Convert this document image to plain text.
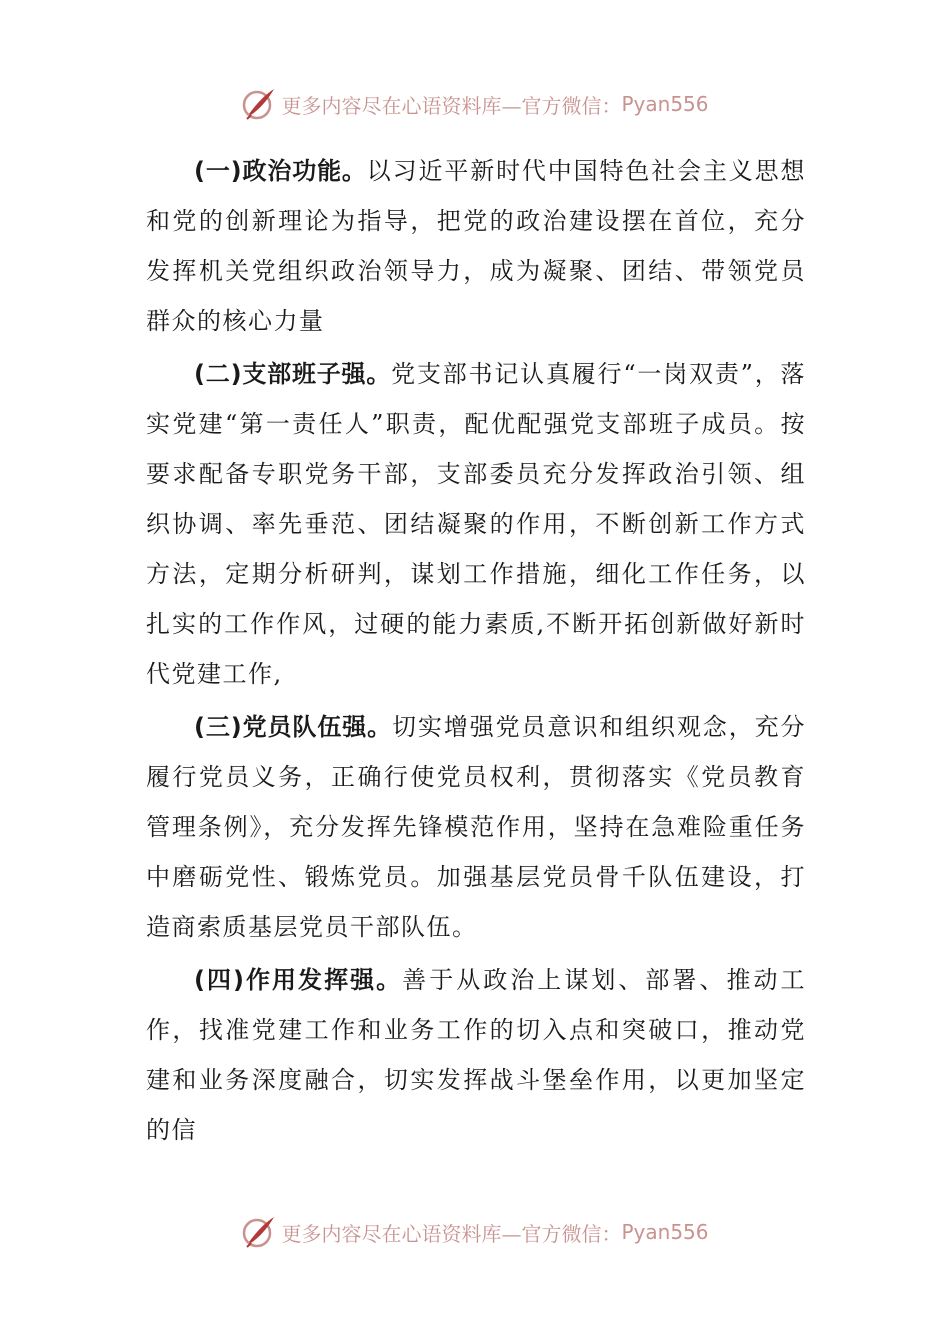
更多内容尽在心语资料库—官方微信： Pyan556

(一)政治功能。以习近平新时代中国特色社会主义思想和党的创新理论为指导，把党的政治建设摆在首位，充分发挥机关党组织政治领导力，成为凝聚、团结、带领党员群众的核心力量

(二)支部班子强。党支部书记认真履行“一岗双责”，落实党建“第一责任人”职责，配优配强党支部班子成员。按要求配备专职党务干部，支部委员充分发挥政治引领、组织协调、率先垂范、团结凝聚的作用，不断创新工作方式方法，定期分析研判，谋划工作措施，细化工作任务，以扎实的工作作风，过硬的能力素质,不断开拓创新做好新时代党建工作,

(三)党员队伍强。切实增强党员意识和组织观念，充分履行党员义务，正确行使党员权利，贯彻落实《党员教育管理条例》，充分发挥先锋模范作用，坚持在急难险重任务中磨砺党性、锻炼党员。加强基层党员骨千队伍建设，打造商索质基层党员干部队伍。

(四)作用发挥强。善于从政治上谋划、部署、推动工作，找准党建工作和业务工作的切入点和突破口，推动党建和业务深度融合，切实发挥战斗堡垒作用，以更加坚定的信

更多内容尽在心语资料库—官方微信： Pyan556
